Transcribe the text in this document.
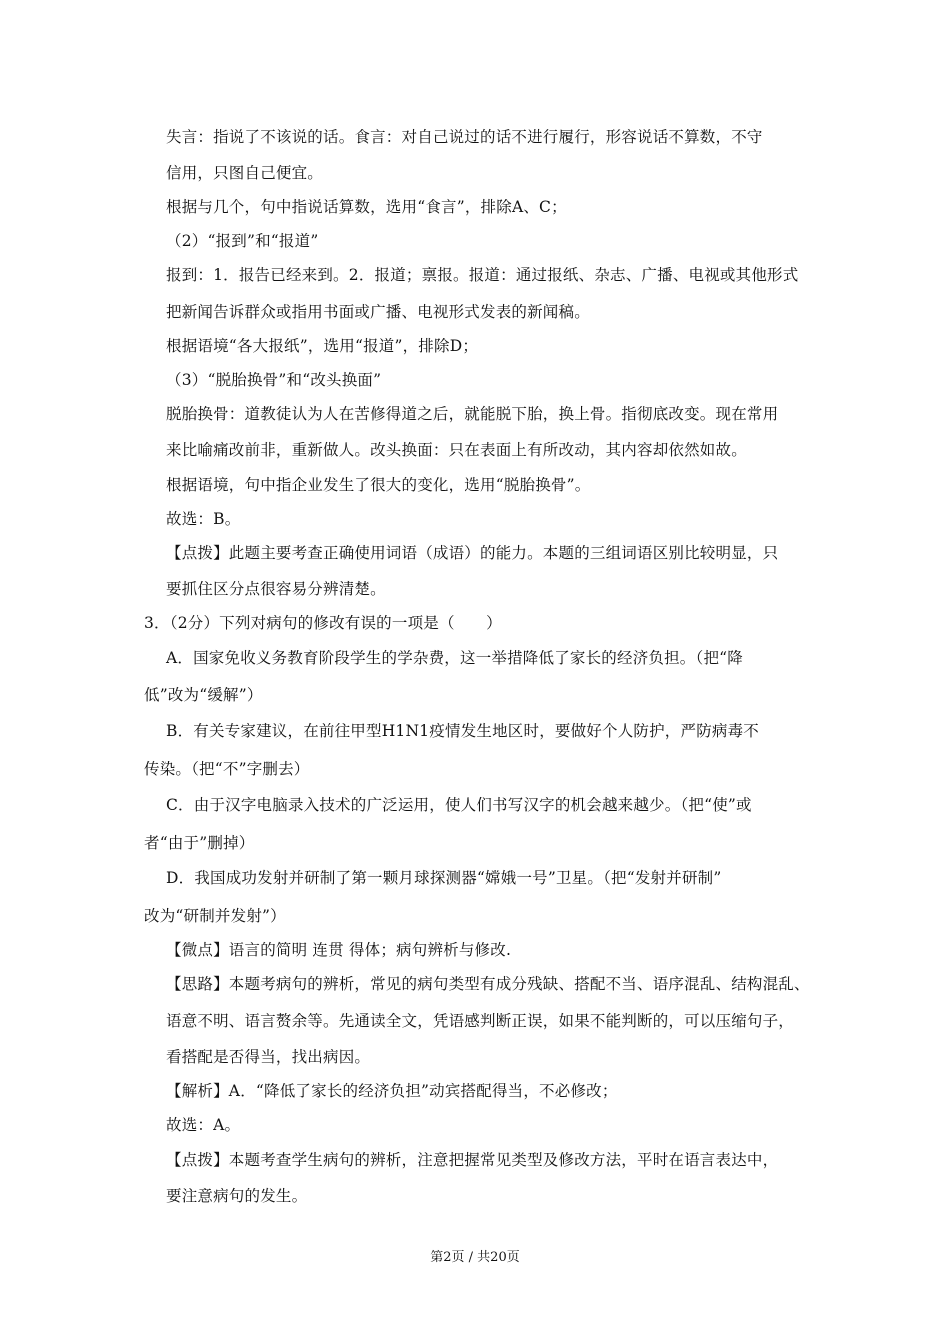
失言：指说了不该说的话。食言：对自己说过的话不进行履行，形容说话不算数，不守
信用，只图自己便宜。
根据与几个，句中指说话算数，选用“食言”，排除A、C；
（2）“报到”和“报道”
报到：1．报告已经来到。2．报道；禀报。报道：通过报纸、杂志、广播、电视或其他形式
把新闻告诉群众或指用书面或广播、电视形式发表的新闻稿。
根据语境“各大报纸”，选用“报道”，排除D；
（3）“脱胎换骨”和“改头换面”
脱胎换骨：道教徒认为人在苦修得道之后，就能脱下胎，换上骨。指彻底改变。现在常用
来比喻痛改前非，重新做人。改头换面：只在表面上有所改动，其内容却依然如故。
根据语境，句中指企业发生了很大的变化，选用“脱胎换骨”。
故选：B。
【点拨】此题主要考查正确使用词语（成语）的能力。本题的三组词语区别比较明显，只
要抓住区分点很容易分辨清楚。
3．（2分）下列对病句的修改有误的一项是（　　）
A．国家免收义务教育阶段学生的学杂费，这一举措降低了家长的经济负担。（把“降
低”改为“缓解”）
B．有关专家建议，在前往甲型H1N1疫情发生地区时，要做好个人防护，严防病毒不
传染。（把“不”字删去）
C．由于汉字电脑录入技术的广泛运用，使人们书写汉字的机会越来越少。（把“使”或
者“由于”删掉）
D．我国成功发射并研制了第一颗月球探测器“嫦娥一号”卫星。（把“发射并研制”
改为“研制并发射”）
【微点】语言的简明 连贯 得体；病句辨析与修改.
【思路】本题考病句的辨析，常见的病句类型有成分残缺、搭配不当、语序混乱、结构混乱、
语意不明、语言赘余等。先通读全文，凭语感判断正误，如果不能判断的，可以压缩句子，
看搭配是否得当，找出病因。
【解析】A．“降低了家长的经济负担”动宾搭配得当，不必修改；
故选：A。
【点拨】本题考查学生病句的辨析，注意把握常见类型及修改方法，平时在语言表达中，
要注意病句的发生。
第2页 / 共20页
